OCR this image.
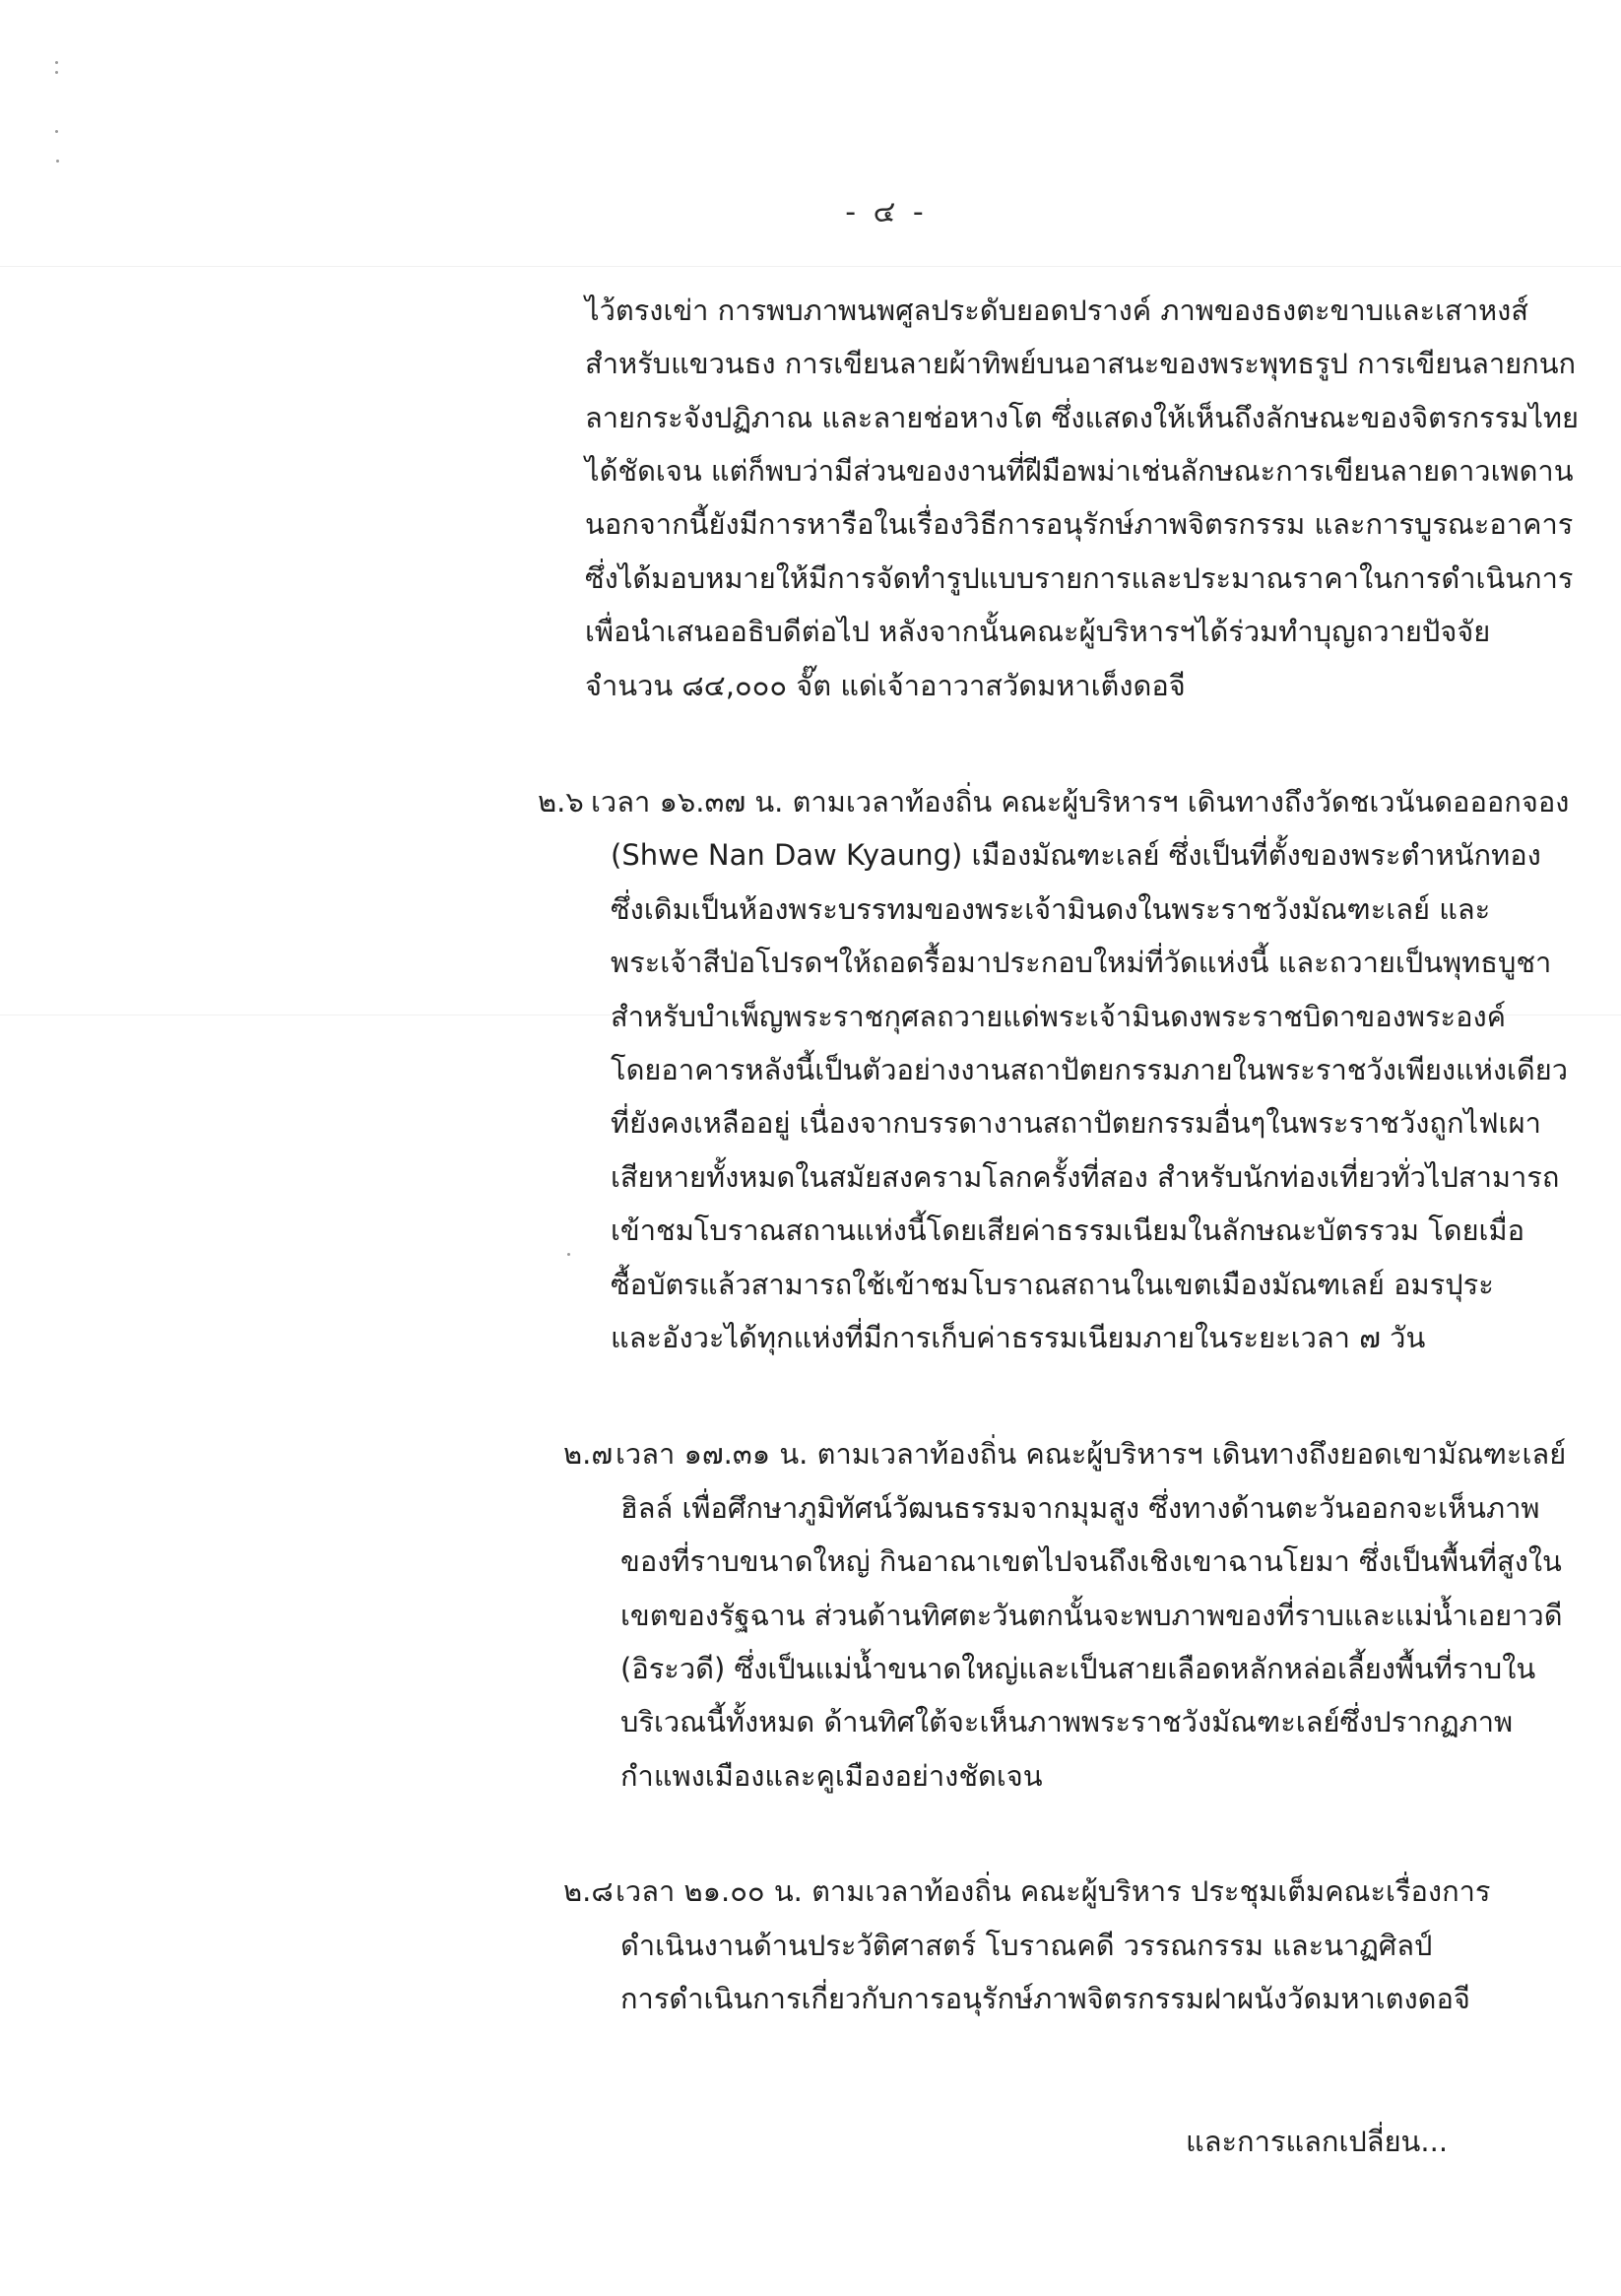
- ๔ -
ไว้ตรงเข่า การพบภาพนพศูลประดับยอดปรางค์ ภาพของธงตะขาบและเสาหงส์
สำหรับแขวนธง การเขียนลายผ้าทิพย์บนอาสนะของพระพุทธรูป การเขียนลายกนก
ลายกระจังปฏิภาณ และลายช่อหางโต ซึ่งแสดงให้เห็นถึงลักษณะของจิตรกรรมไทย
ได้ชัดเจน แต่ก็พบว่ามีส่วนของงานที่ฝีมือพม่าเช่นลักษณะการเขียนลายดาวเพดาน
นอกจากนี้ยังมีการหารือในเรื่องวิธีการอนุรักษ์ภาพจิตรกรรม และการบูรณะอาคาร
ซึ่งได้มอบหมายให้มีการจัดทำรูปแบบรายการและประมาณราคาในการดำเนินการ
เพื่อนำเสนออธิบดีต่อไป หลังจากนั้นคณะผู้บริหารฯได้ร่วมทำบุญถวายปัจจัย
จำนวน ๘๔,๐๐๐ จั๊ต แด่เจ้าอาวาสวัดมหาเต็งดอจี
๒.๖ เวลา ๑๖.๓๗ น. ตามเวลาท้องถิ่น คณะผู้บริหารฯ เดินทางถึงวัดชเวนันดอออกจอง
(Shwe Nan Daw Kyaung) เมืองมัณฑะเลย์ ซึ่งเป็นที่ตั้งของพระตำหนักทอง
ซึ่งเดิมเป็นห้องพระบรรทมของพระเจ้ามินดงในพระราชวังมัณฑะเลย์ และ
พระเจ้าสีป่อโปรดฯให้ถอดรื้อมาประกอบใหม่ที่วัดแห่งนี้ และถวายเป็นพุทธบูชา
สำหรับบำเพ็ญพระราชกุศลถวายแด่พระเจ้ามินดงพระราชบิดาของพระองค์
โดยอาคารหลังนี้เป็นตัวอย่างงานสถาปัตยกรรมภายในพระราชวังเพียงแห่งเดียว
ที่ยังคงเหลืออยู่ เนื่องจากบรรดางานสถาปัตยกรรมอื่นๆในพระราชวังถูกไฟเผา
เสียหายทั้งหมดในสมัยสงครามโลกครั้งที่สอง สำหรับนักท่องเที่ยวทั่วไปสามารถ
เข้าชมโบราณสถานแห่งนี้โดยเสียค่าธรรมเนียมในลักษณะบัตรรวม โดยเมื่อ
ซื้อบัตรแล้วสามารถใช้เข้าชมโบราณสถานในเขตเมืองมัณฑเลย์ อมรปุระ
และอังวะได้ทุกแห่งที่มีการเก็บค่าธรรมเนียมภายในระยะเวลา ๗ วัน
๒.๗ เวลา ๑๗.๓๑ น. ตามเวลาท้องถิ่น คณะผู้บริหารฯ เดินทางถึงยอดเขามัณฑะเลย์
ฮิลล์ เพื่อศึกษาภูมิทัศน์วัฒนธรรมจากมุมสูง ซึ่งทางด้านตะวันออกจะเห็นภาพ
ของที่ราบขนาดใหญ่ กินอาณาเขตไปจนถึงเชิงเขาฉานโยมา ซึ่งเป็นพื้นที่สูงใน
เขตของรัฐฉาน ส่วนด้านทิศตะวันตกนั้นจะพบภาพของที่ราบและแม่น้ำเอยาวดี
(อิระวดี) ซึ่งเป็นแม่น้ำขนาดใหญ่และเป็นสายเลือดหลักหล่อเลี้ยงพื้นที่ราบใน
บริเวณนี้ทั้งหมด ด้านทิศใต้จะเห็นภาพพระราชวังมัณฑะเลย์ซึ่งปรากฏภาพ
กำแพงเมืองและคูเมืองอย่างชัดเจน
๒.๘ เวลา ๒๑.๐๐ น. ตามเวลาท้องถิ่น คณะผู้บริหาร ประชุมเต็มคณะเรื่องการ
ดำเนินงานด้านประวัติศาสตร์ โบราณคดี วรรณกรรม และนาฏศิลป์
การดำเนินการเกี่ยวกับการอนุรักษ์ภาพจิตรกรรมฝาผนังวัดมหาเตงดอจี
และการแลกเปลี่ยน...
